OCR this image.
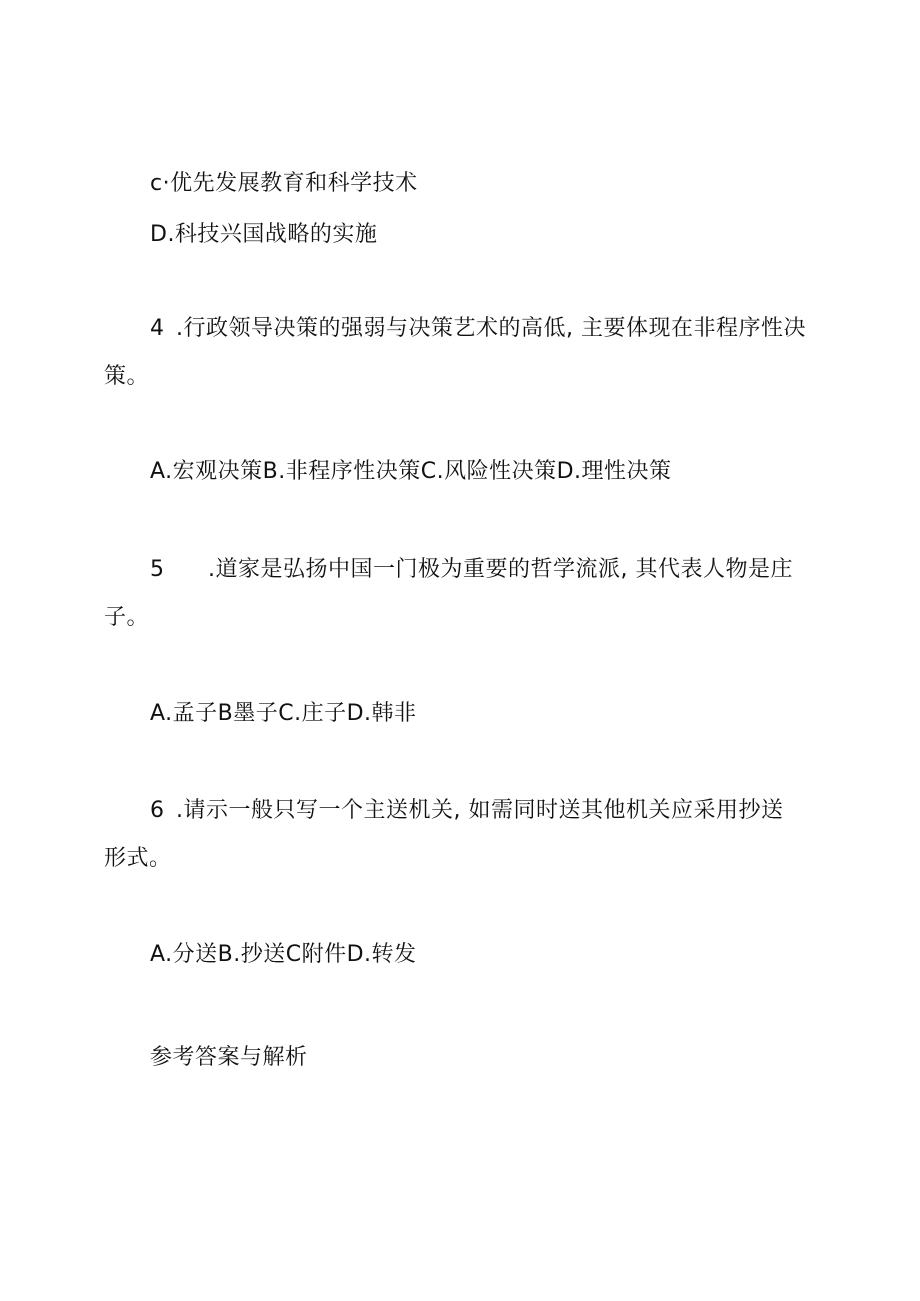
c·优先发展教育和科学技术
D.科技兴国战略的实施
4 .行政领导决策的强弱与决策艺术的高低, 主要体现在非程序性决
策。
A.宏观决策B.非程序性决策C.风险性决策D.理性决策
5 .道家是弘扬中国一门极为重要的哲学流派, 其代表人物是庄
子。
A.孟子B墨子C.庄子D.韩非
6 .请示一般只写一个主送机关, 如需同时送其他机关应采用抄送
形式。
A.分送B.抄送C附件D.转发
参考答案与解析
